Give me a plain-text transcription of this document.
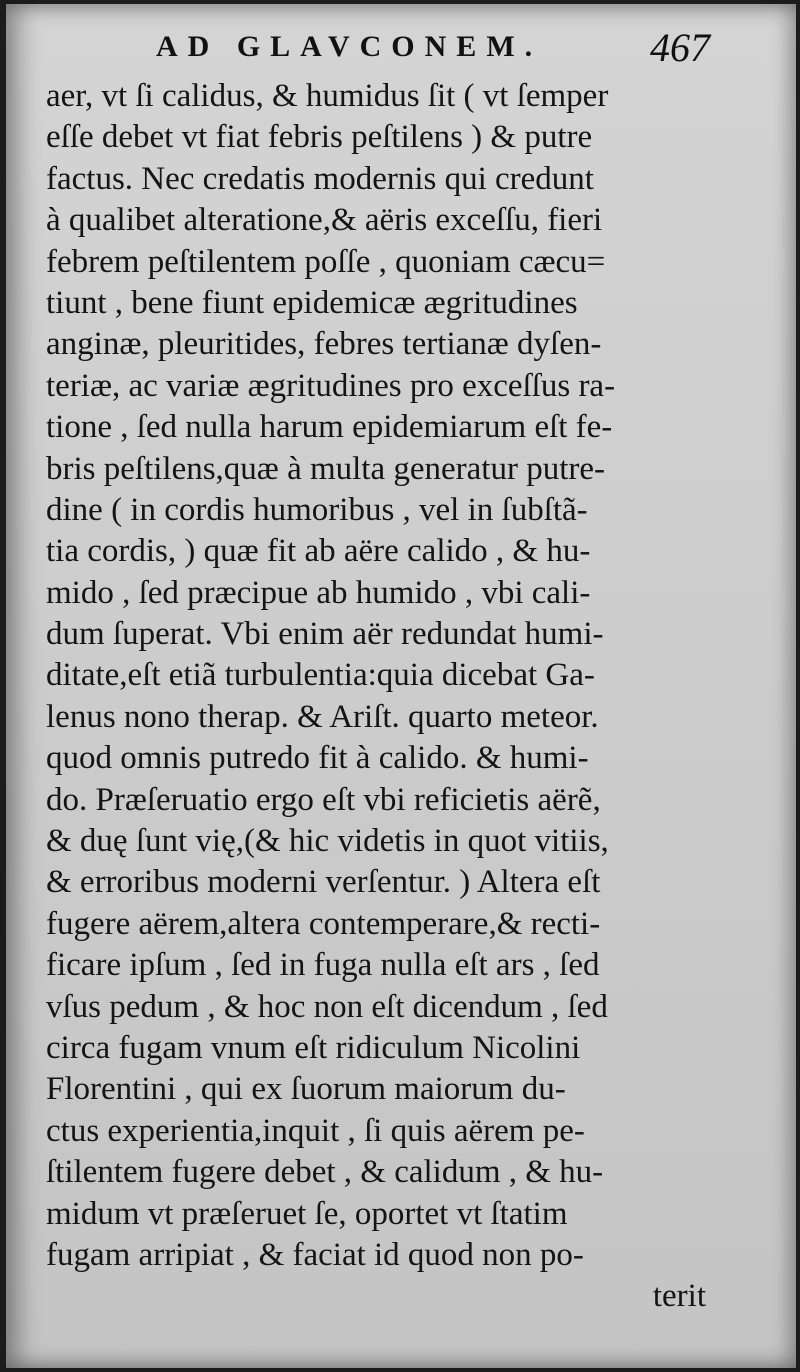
AD GLAVCONEM.	467
aer, vt ſi calidus, & humidus ſit ( vt ſemper
eſſe debet vt fiat febris peſtilens ) & putre
factus. Nec credatis modernis qui credunt
à qualibet alteratione,& aëris exceſſu, fieri
febrem peſtilentem poſſe , quoniam cæcu=
tiunt , bene fiunt epidemicæ ægritudines
anginæ, pleuritides, febres tertianæ dyſen-
teriæ, ac variæ ægritudines pro exceſſus ra-
tione , ſed nulla harum epidemiarum eſt fe-
bris peſtilens,quæ à multa generatur putre-
dine ( in cordis humoribus , vel in ſubſtã-
tia cordis, ) quæ fit ab aëre calido , & hu-
mido , ſed præcipue ab humido , vbi cali-
dum ſuperat. Vbi enim aër redundat humi-
ditate,eſt etiã turbulentia:quia dicebat Ga-
lenus nono therap. & Ariſt. quarto meteor.
quod omnis putredo fit à calido. & humi-
do. Præſeruatio ergo eſt vbi reficietis aërẽ,
& duę ſunt vię,(& hic videtis in quot vitiis,
& erroribus moderni verſentur. ) Altera eſt
fugere aërem,altera contemperare,& recti-
ficare ipſum , ſed in fuga nulla eſt ars , ſed
vſus pedum , & hoc non eſt dicendum , ſed
circa fugam vnum eſt ridiculum Nicolini
Florentini , qui ex ſuorum maiorum du-
ctus experientia,inquit , ſi quis aërem pe-
ſtilentem fugere debet , & calidum , & hu-
midum vt præſeruet ſe, oportet vt ſtatim
fugam arripiat , & faciat id quod non po-
terit
